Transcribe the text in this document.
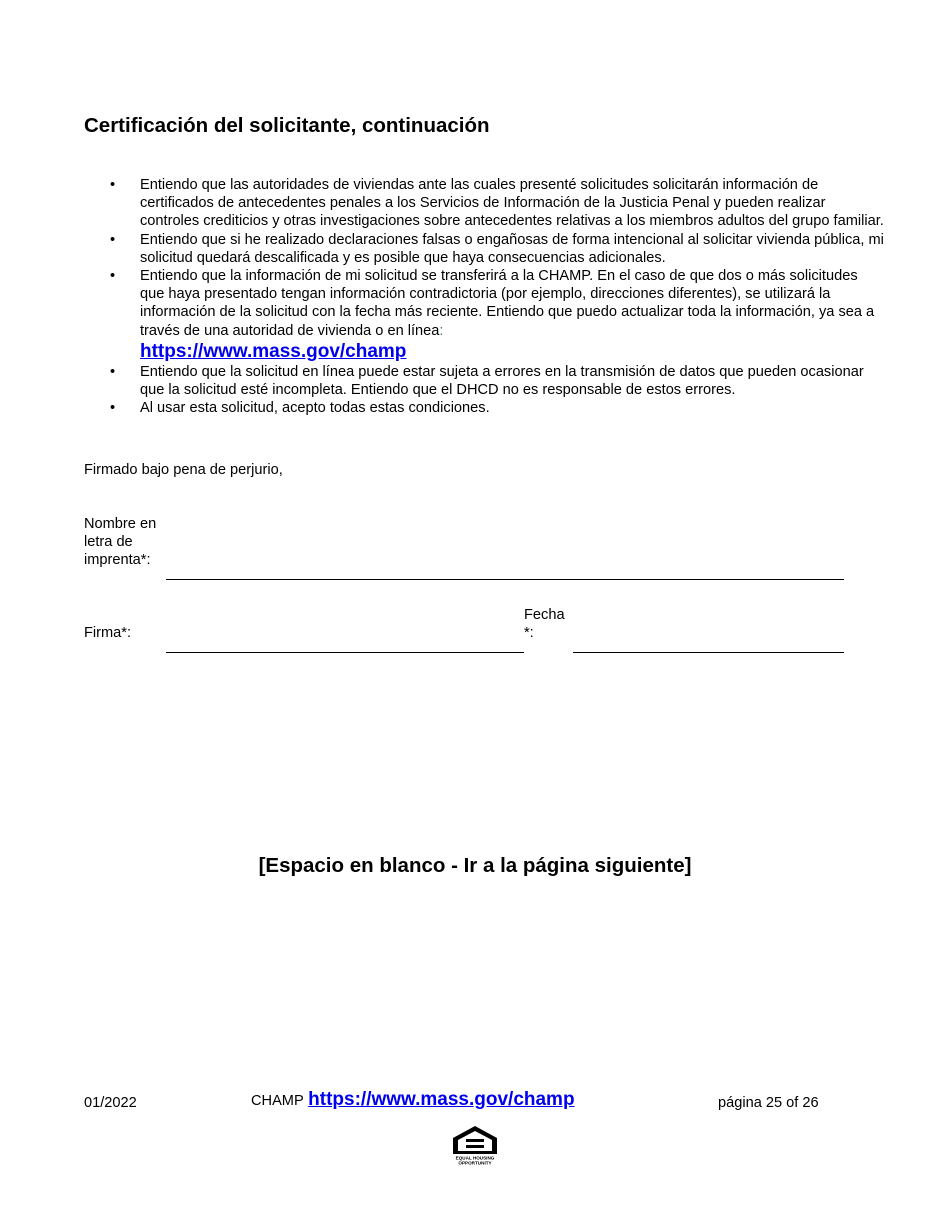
Certificación del solicitante, continuación
• Entiendo que las autoridades de viviendas ante las cuales presenté solicitudes solicitarán información de certificados de antecedentes penales a los Servicios de Información de la Justicia Penal y pueden realizar controles crediticios y otras investigaciones sobre antecedentes relativas a los miembros adultos del grupo familiar.
• Entiendo que si he realizado declaraciones falsas o engañosas de forma intencional al solicitar vivienda pública, mi solicitud quedará descalificada y es posible que haya consecuencias adicionales.
• Entiendo que la información de mi solicitud se transferirá a la CHAMP. En el caso de que dos o más solicitudes que haya presentado tengan información contradictoria (por ejemplo, direcciones diferentes), se utilizará la información de la solicitud con la fecha más reciente. Entiendo que puedo actualizar toda la información, ya sea a través de una autoridad de vivienda o en línea:
https://www.mass.gov/champ
• Entiendo que la solicitud en línea puede estar sujeta a errores en la transmisión de datos que pueden ocasionar que la solicitud esté incompleta. Entiendo que el DHCD no es responsable de estos errores.
• Al usar esta solicitud, acepto todas estas condiciones.
Firmado bajo pena de perjurio,
Nombre en
letra de
imprenta*:
Firma*:
Fecha
*:
[Espacio en blanco - Ir a la página siguiente]
01/2022	CHAMP https://www.mass.gov/champ	página 25 of 26
EQUAL HOUSING
OPPORTUNITY
